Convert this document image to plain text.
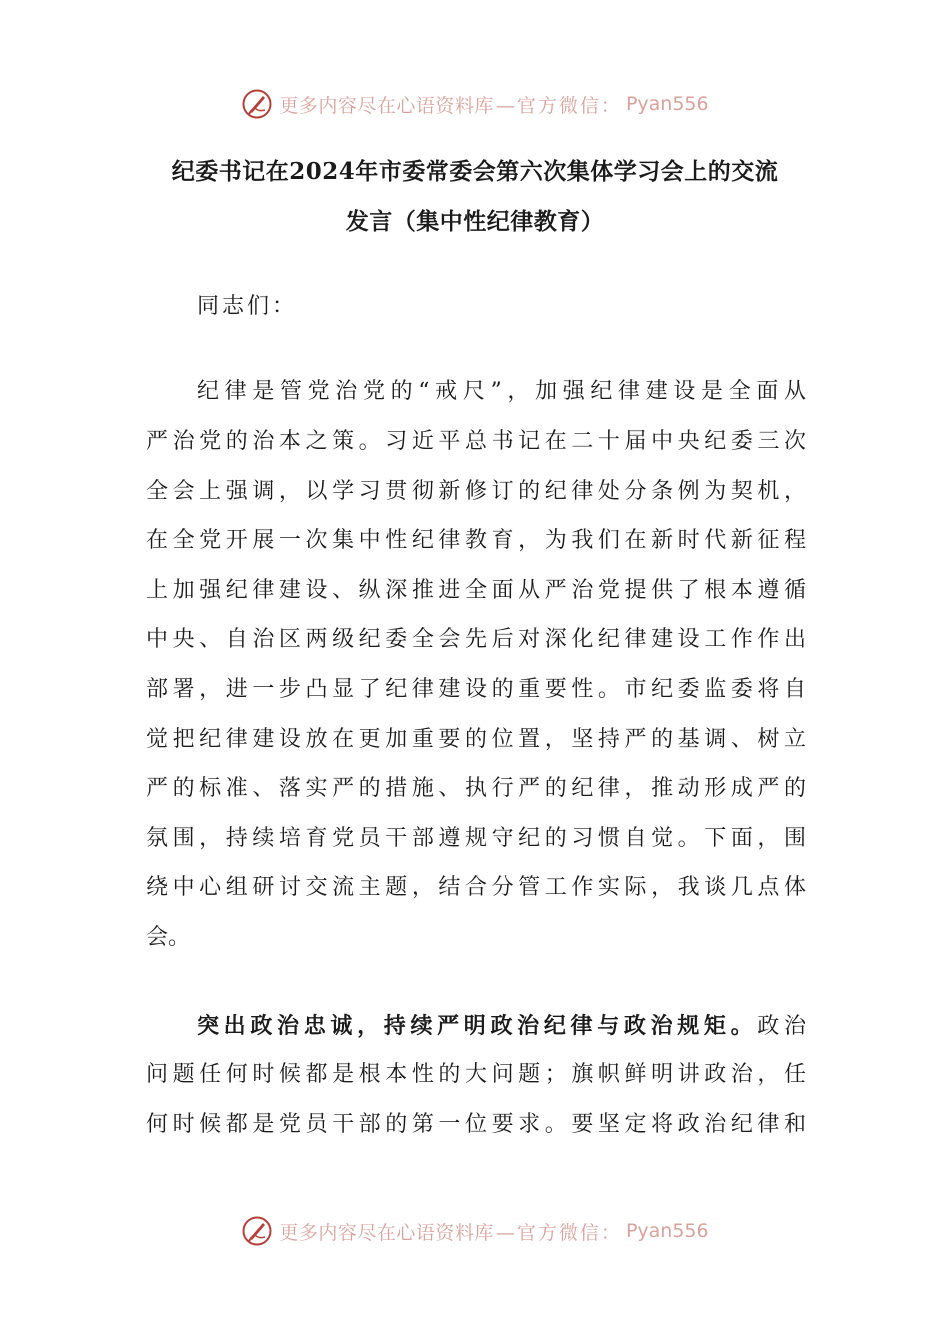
更多内容尽在心语资料库 —官方微信： Pyan556
纪委书记在2024年市委常委会第六次集体学习会上的交流
发言（集中性纪律教育）
同志们：
纪律是管党治党的“戒尺”，加强纪律建设是全面从
严治党的治本之策。习近平总书记在二十届中央纪委三次
全会上强调，以学习贯彻新修订的纪律处分条例为契机，
在全党开展一次集中性纪律教育，为我们在新时代新征程
上加强纪律建设、纵深推进全面从严治党提供了根本遵循
中央、自治区两级纪委全会先后对深化纪律建设工作作出
部署，进一步凸显了纪律建设的重要性。市纪委监委将自
觉把纪律建设放在更加重要的位置，坚持严的基调、树立
严的标准、落实严的措施、执行严的纪律，推动形成严的
氛围，持续培育党员干部遵规守纪的习惯自觉。下面，围
绕中心组研讨交流主题，结合分管工作实际，我谈几点体
会。
突出政治忠诚，持续严明政治纪律与政治规矩。政治
问题任何时候都是根本性的大问题；旗帜鲜明讲政治，任
何时候都是党员干部的第一位要求。要坚定将政治纪律和
更多内容尽在心语资料库 —官方微信： Pyan556
